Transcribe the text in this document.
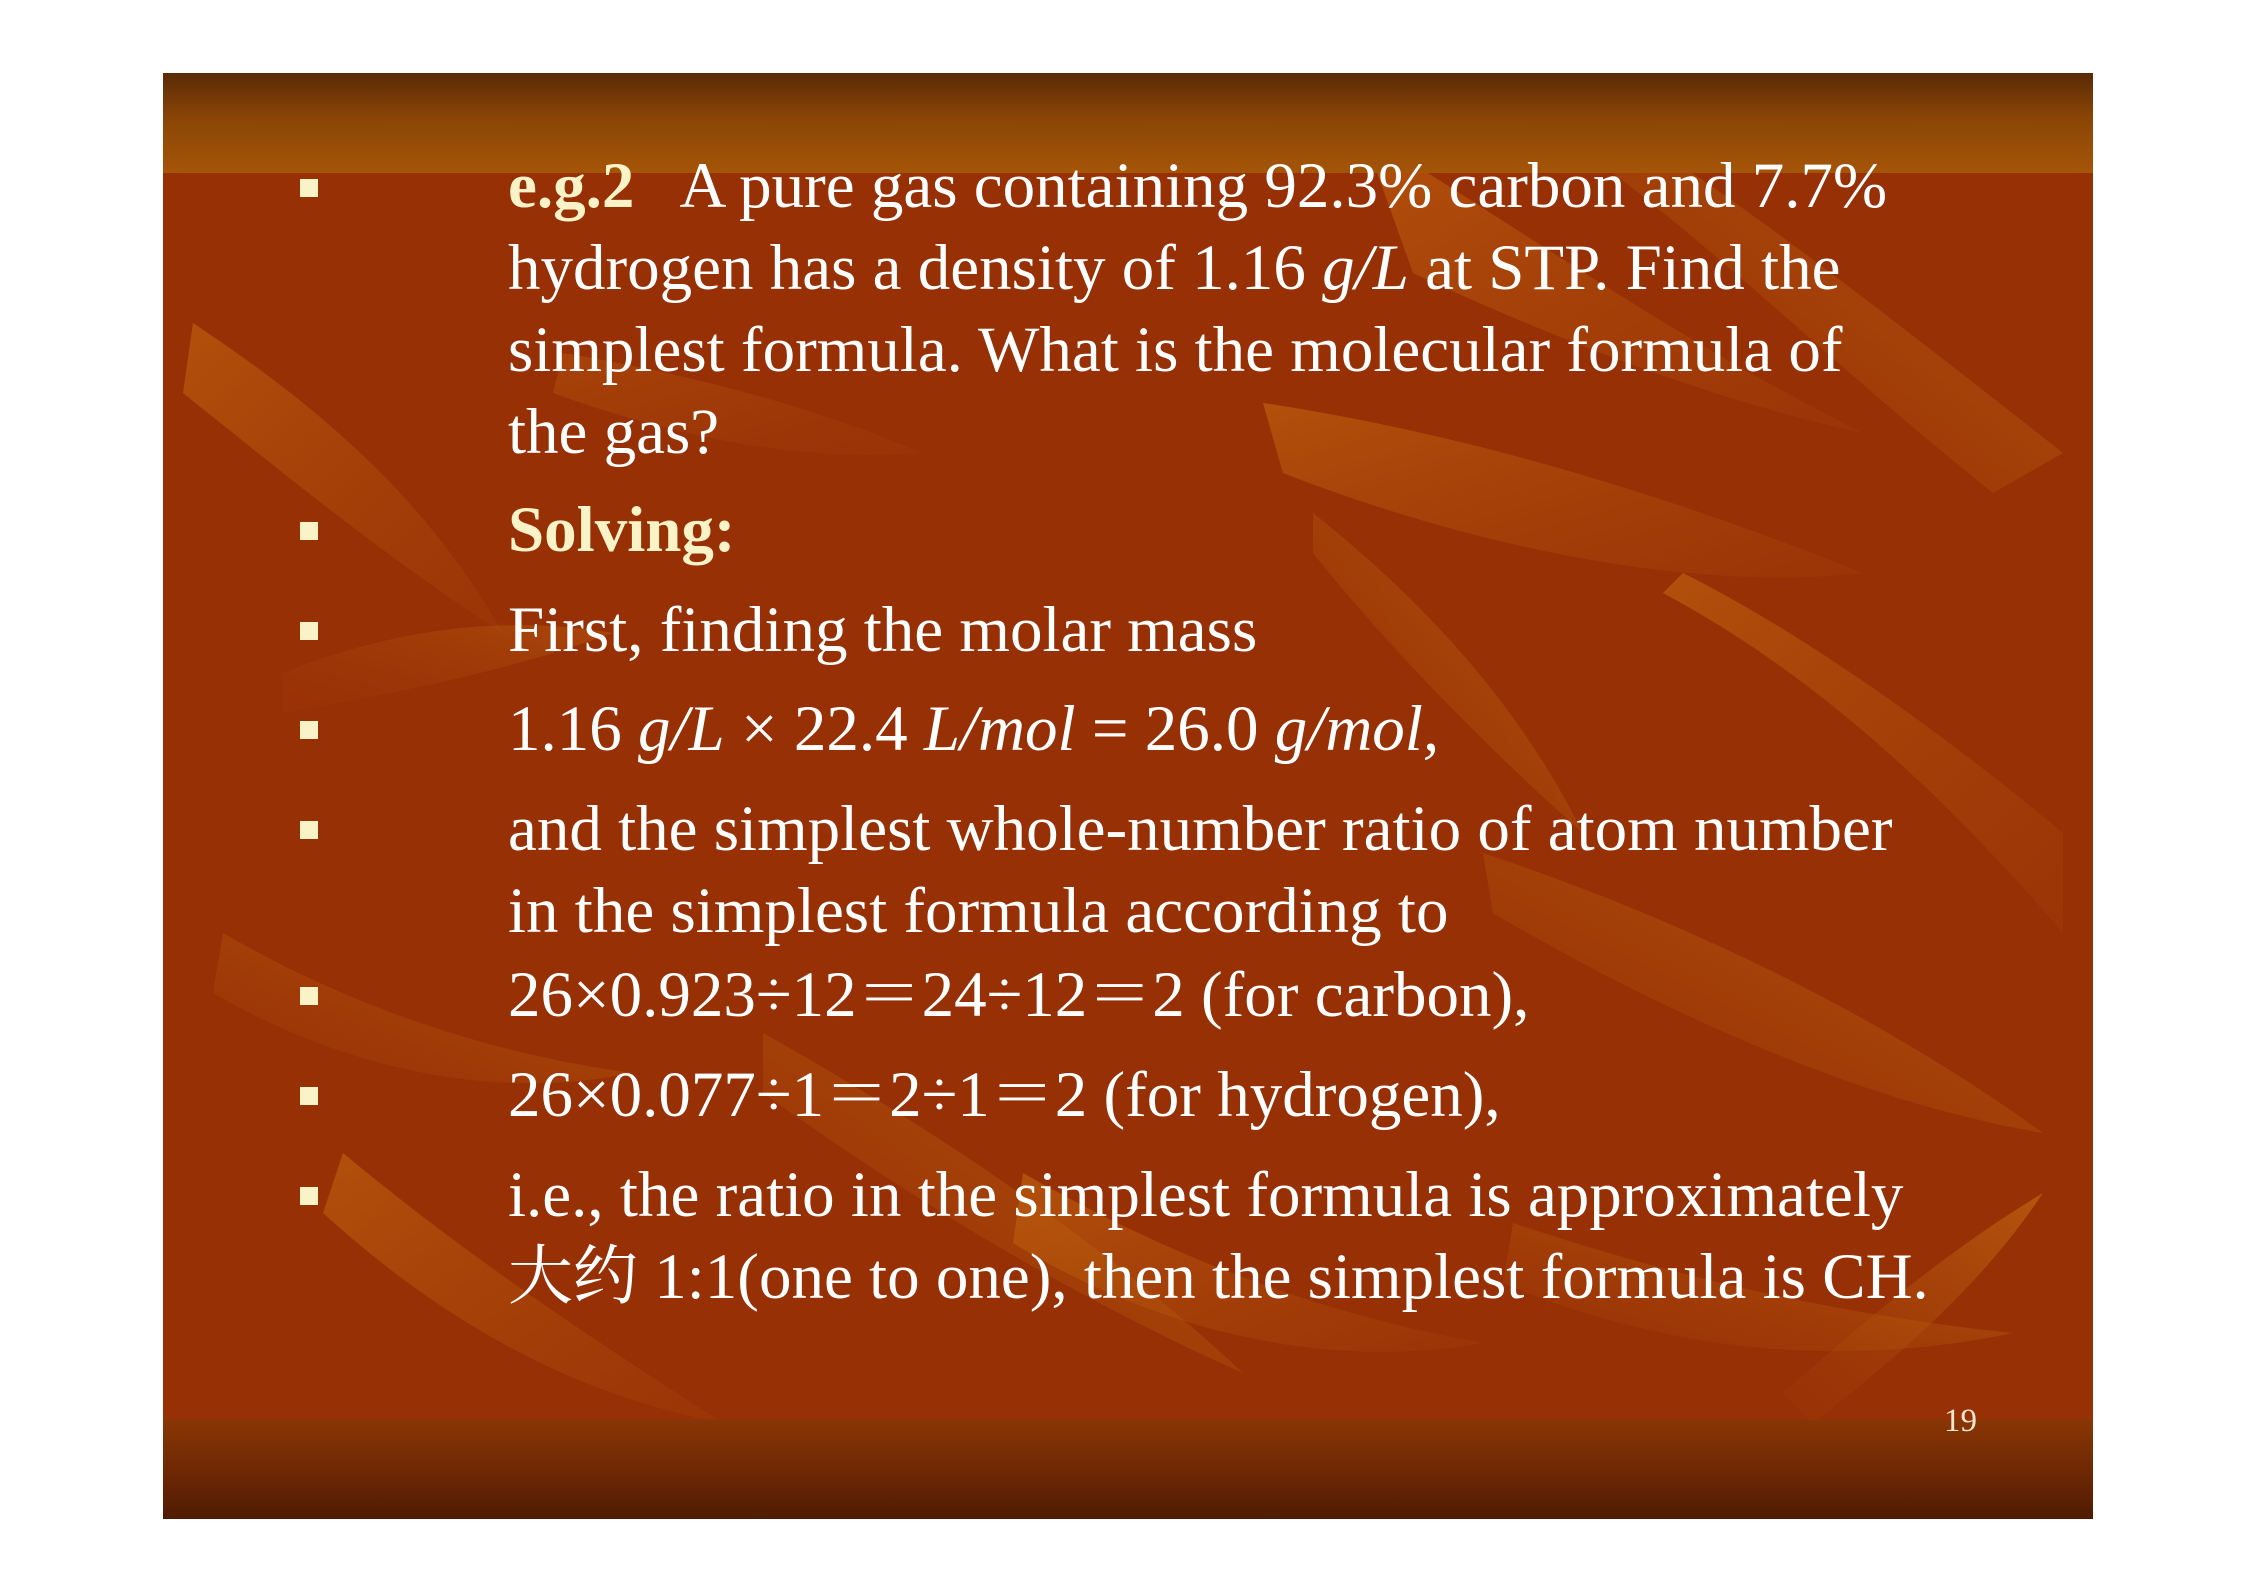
e.g.2 A pure gas containing 92.3% carbon and 7.7%
hydrogen has a density of 1.16 g/L at STP. Find the
simplest formula. What is the molecular formula of
the gas?
Solving:
First, finding the molar mass
1.16 g/L × 22.4 L/mol = 26.0 g/mol,
and the simplest whole-number ratio of atom number
in the simplest formula according to
26×0.923÷12＝24÷12＝2 (for carbon),
26×0.077÷1＝2÷1＝2 (for hydrogen),
i.e., the ratio in the simplest formula is approximately
大约 1:1(one to one), then the simplest formula is CH.
19
